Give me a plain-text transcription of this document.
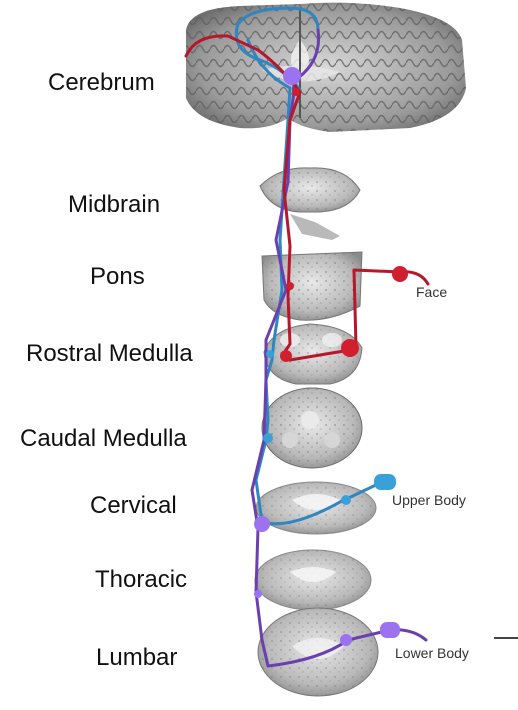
Cerebrum
Midbrain
Pons
Rostral Medulla
Caudal Medulla
Cervical
Thoracic
Lumbar
Face
Upper Body
Lower Body
